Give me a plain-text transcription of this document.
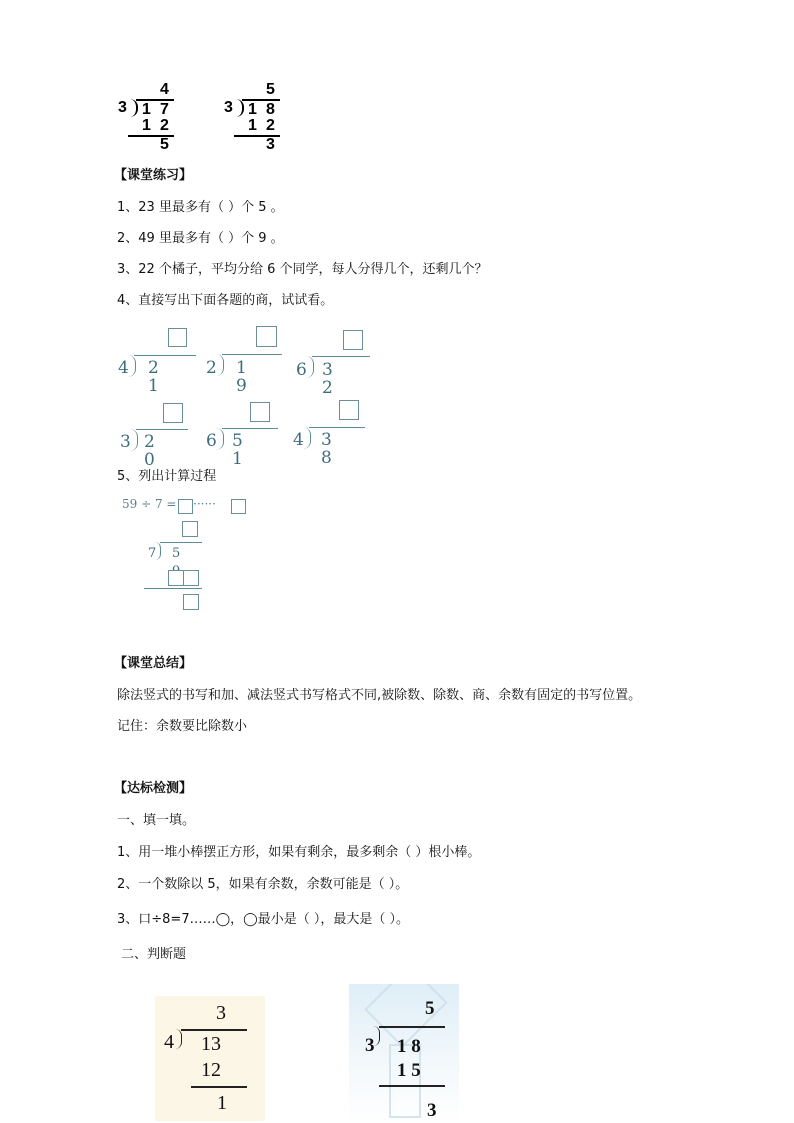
4
3 1 7
1 2
5
5
3 1 8
1 2
3
【课堂练习】
1、23 里最多有（ ）个 5 。
2、49 里最多有（ ）个 9 。
3、22 个橘子，平均分给 6 个同学，每人分得几个，还剩几个？
4、直接写出下面各题的商，试试看。
4 2 1
2 1 9
6 3 2
3 2 0
6 5 1
4 3 8
5、列出计算过程
59 ÷ 7 = ······
7 5
【课堂总结】
除法竖式的书写和加、减法竖式书写格式不同,被除数、除数、商、余数有固定的书写位置。
记住：余数要比除数小
【达标检测】
一、填一填。
1、用一堆小棒摆正方形，如果有剩余，最多剩余（ ）根小棒。
2、一个数除以 5，如果有余数，余数可能是（ ）。
3、口÷8=7……◯，◯最小是（ ），最大是（ ）。
二、判断题
3
4 13
12
1
5
3 1 8
1 5
3
